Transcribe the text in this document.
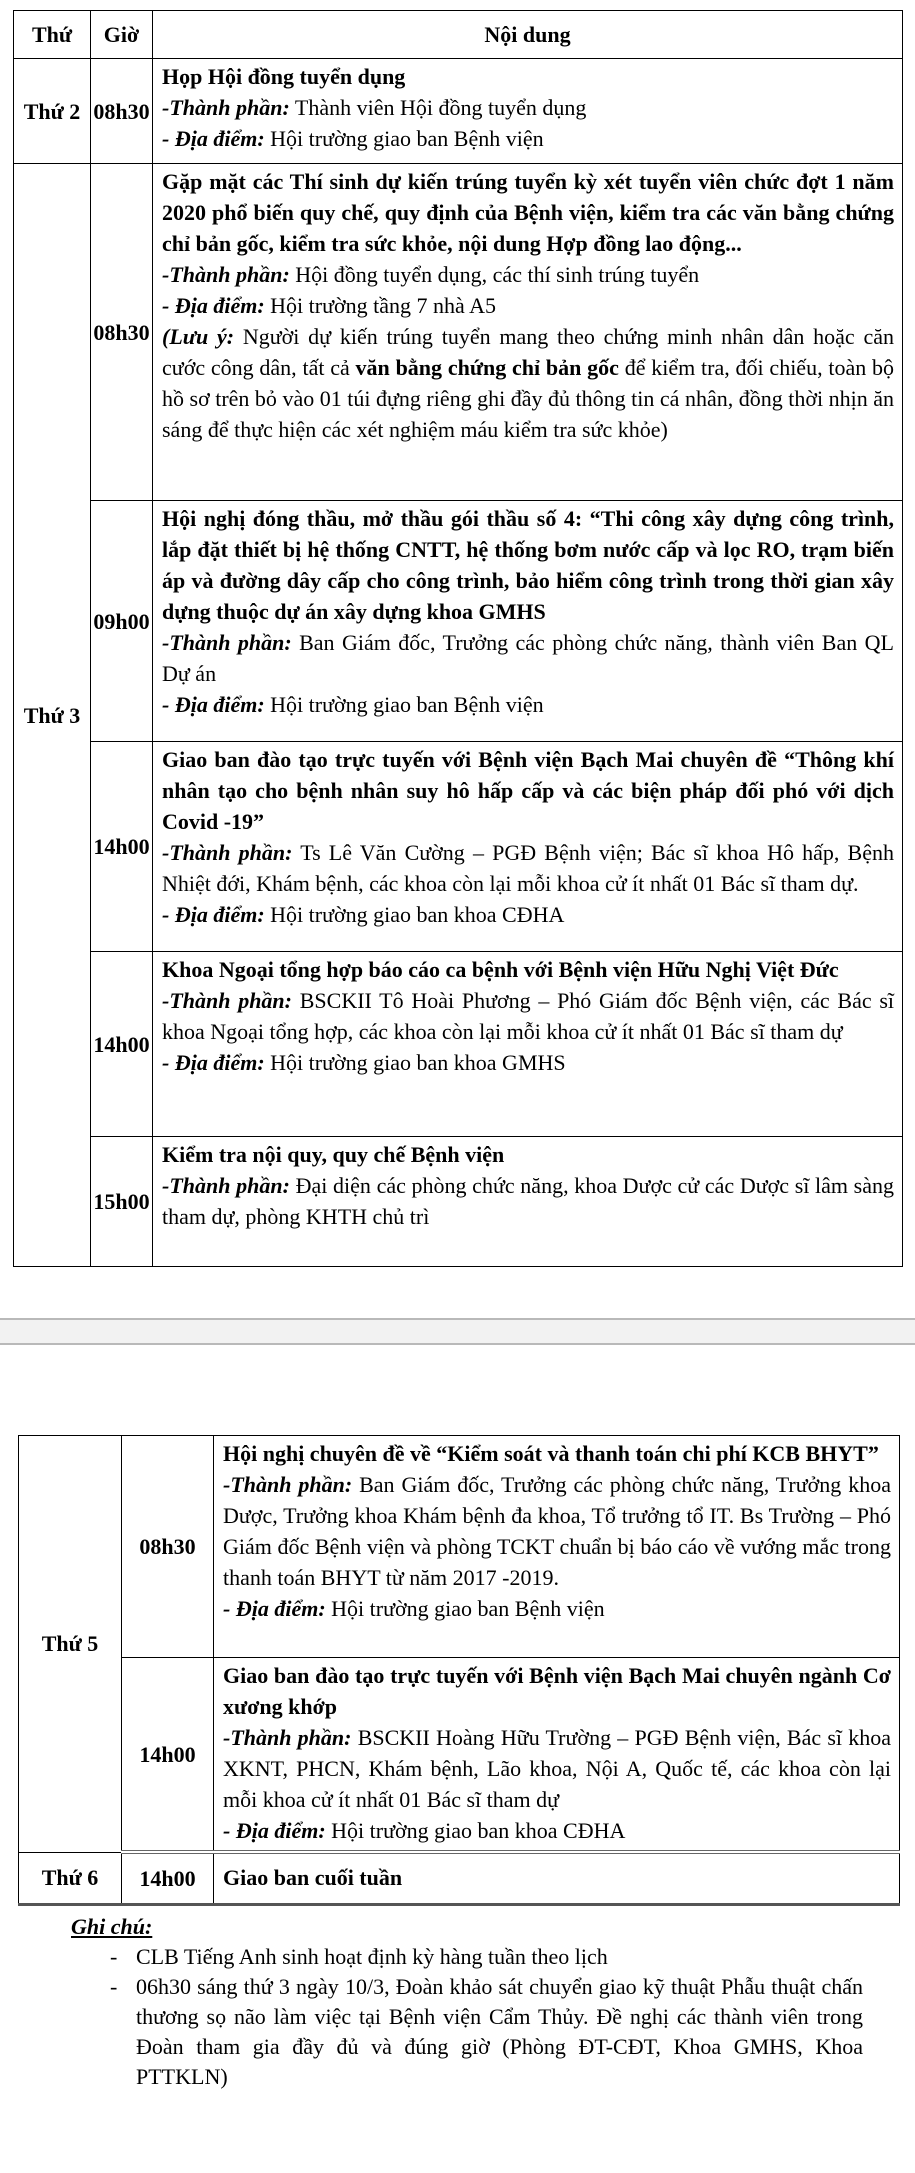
Thứ	Giờ	Nội dung
Thứ 2	08h30	Họp Hội đồng tuyển dụng

-Thành phần: Thành viên Hội đồng tuyển dụng

- Địa điểm: Hội trường giao ban Bệnh viện

Thứ 3	08h30	Gặp mặt các Thí sinh dự kiến trúng tuyển kỳ xét tuyển viên chức đợt 1 năm 2020 phổ biến quy chế, quy định của Bệnh viện, kiểm tra các văn bằng chứng chỉ bản gốc, kiểm tra sức khỏe, nội dung Hợp đồng lao động...

-Thành phần: Hội đồng tuyển dụng, các thí sinh trúng tuyển

- Địa điểm: Hội trường tầng 7 nhà A5

(Lưu ý: Người dự kiến trúng tuyển mang theo chứng minh nhân dân hoặc căn cước công dân, tất cả văn bằng chứng chỉ bản gốc để kiểm tra, đối chiếu, toàn bộ hồ sơ trên bỏ vào 01 túi đựng riêng ghi đầy đủ thông tin cá nhân, đồng thời nhịn ăn sáng để thực hiện các xét nghiệm máu kiểm tra sức khỏe)

	09h00	Hội nghị đóng thầu, mở thầu gói thầu số 4: “Thi công xây dựng công trình, lắp đặt thiết bị hệ thống CNTT, hệ thống bơm nước cấp và lọc RO, trạm biến áp và đường dây cấp cho công trình, bảo hiểm công trình trong thời gian xây dựng thuộc dự án xây dựng khoa GMHS

-Thành phần: Ban Giám đốc, Trưởng các phòng chức năng, thành viên Ban QL Dự án

- Địa điểm: Hội trường giao ban Bệnh viện

	14h00	Giao ban đào tạo trực tuyến với Bệnh viện Bạch Mai chuyên đề “Thông khí nhân tạo cho bệnh nhân suy hô hấp cấp và các biện pháp đối phó với dịch Covid -19”

-Thành phần: Ts Lê Văn Cường – PGĐ Bệnh viện; Bác sĩ khoa Hô hấp, Bệnh Nhiệt đới, Khám bệnh, các khoa còn lại mỗi khoa cử ít nhất 01 Bác sĩ tham dự.

- Địa điểm: Hội trường giao ban khoa CĐHA

	14h00	Khoa Ngoại tổng hợp báo cáo ca bệnh với Bệnh viện Hữu Nghị Việt Đức

-Thành phần: BSCKII Tô Hoài Phương – Phó Giám đốc Bệnh viện, các Bác sĩ khoa Ngoại tổng hợp, các khoa còn lại mỗi khoa cử ít nhất 01 Bác sĩ tham dự

- Địa điểm: Hội trường giao ban khoa GMHS

	15h00	Kiểm tra nội quy, quy chế Bệnh viện

-Thành phần: Đại diện các phòng chức năng, khoa Dược cử các Dược sĩ lâm sàng tham dự, phòng KHTH chủ trì

Thứ 5	08h30	Hội nghị chuyên đề về “Kiểm soát và thanh toán chi phí KCB BHYT”

-Thành phần: Ban Giám đốc, Trưởng các phòng chức năng, Trưởng khoa Dược, Trưởng khoa Khám bệnh đa khoa, Tổ trưởng tổ IT. Bs Trường – Phó Giám đốc Bệnh viện và phòng TCKT chuẩn bị báo cáo về vướng mắc trong thanh toán BHYT từ năm 2017 -2019.

- Địa điểm: Hội trường giao ban Bệnh viện

	14h00	Giao ban đào tạo trực tuyến với Bệnh viện Bạch Mai chuyên ngành Cơ xương khớp

-Thành phần: BSCKII Hoàng Hữu Trường – PGĐ Bệnh viện, Bác sĩ khoa XKNT, PHCN, Khám bệnh, Lão khoa, Nội A, Quốc tế, các khoa còn lại mỗi khoa cử ít nhất 01 Bác sĩ tham dự

- Địa điểm: Hội trường giao ban khoa CĐHA

Thứ 6	14h00	Giao ban cuối tuần

Ghi chú:

- CLB Tiếng Anh sinh hoạt định kỳ hàng tuần theo lịch
- 06h30 sáng thứ 3 ngày 10/3, Đoàn khảo sát chuyển giao kỹ thuật Phẫu thuật chấn thương sọ não làm việc tại Bệnh viện Cẩm Thủy. Đề nghị các thành viên trong Đoàn tham gia đầy đủ và đúng giờ (Phòng ĐT-CĐT, Khoa GMHS, Khoa PTTKLN)
